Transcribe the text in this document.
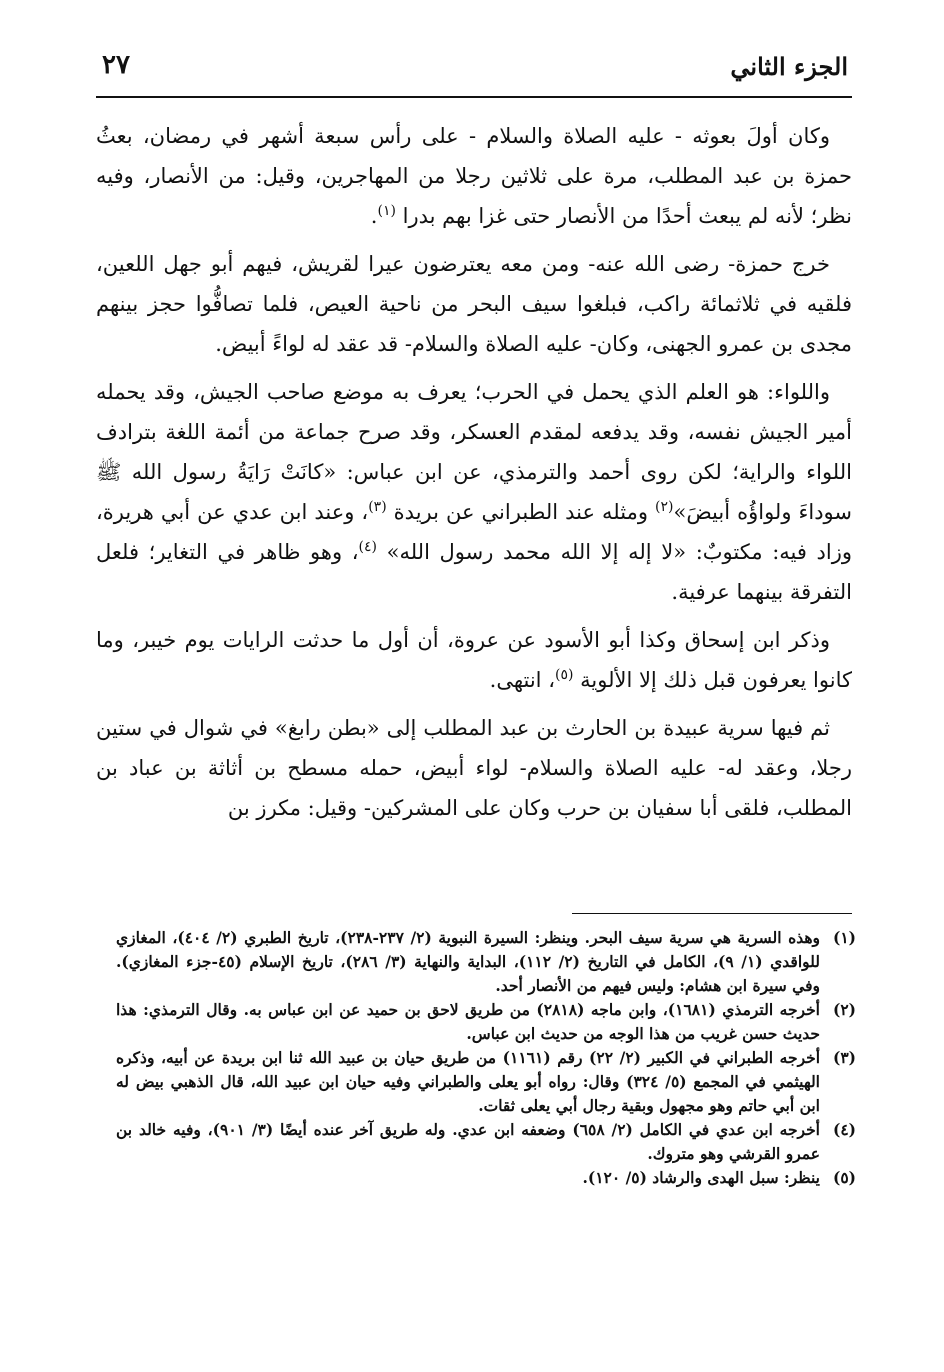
الجزء الثاني
٢٧

وكان أولَ بعوثه - عليه الصلاة والسلام - على رأس سبعة أشهر في رمضان، بعثُ حمزة بن عبد المطلب، مرة على ثلاثين رجلا من المهاجرين، وقيل: من الأنصار، وفيه نظر؛ لأنه لم يبعث أحدًا من الأنصار حتى غزا بهم بدرا $^{(١)}$.

خرج حمزة- رضى الله عنه- ومن معه يعترضون عيرا لقريش، فيهم أبو جهل اللعين، فلقيه في ثلاثمائة راكب، فبلغوا سيف البحر من ناحية العيص، فلما تصافُّوا حجز بينهم مجدى بن عمرو الجهنى، وكان- عليه الصلاة والسلام- قد عقد له لواءً أبيض.

واللواء: هو العلم الذي يحمل في الحرب؛ يعرف به موضع صاحب الجيش، وقد يحمله أمير الجيش نفسه، وقد يدفعه لمقدم العسكر، وقد صرح جماعة من أئمة اللغة بترادف اللواء والراية؛ لكن روى أحمد والترمذي، عن ابن عباس: «كانَتْ رَايَةُ رسول الله ﷺ سوداءَ ولواؤُه أبيضَ»$^{(٢)}$ ومثله عند الطبراني عن بريدة $^{(٣)}$، وعند ابن عدي عن أبي هريرة، وزاد فيه: مكتوبٌ: «لا إله إلا الله محمد رسول الله» $^{(٤)}$، وهو ظاهر في التغاير؛ فلعل التفرقة بينهما عرفية.

وذكر ابن إسحاق وكذا أبو الأسود عن عروة، أن أول ما حدثت الرايات يوم خيبر، وما كانوا يعرفون قبل ذلك إلا الألوية $^{(٥)}$، انتهى.

ثم فيها سرية عبيدة بن الحارث بن عبد المطلب إلى «بطن رابغ» في شوال في ستين رجلا، وعقد له- عليه الصلاة والسلام- لواء أبيض، حمله مسطح بن أثاثة بن عباد بن المطلب، فلقى أبا سفيان بن حرب وكان على المشركين- وقيل: مكرز بن

(١)
وهذه السرية هي سرية سيف البحر. وينظر: السيرة النبوية (٢/ ٢٣٧-٢٣٨)، تاريخ الطبري (٢/ ٤٠٤)، المغازي للواقدي (١/ ٩)، الكامل في التاريخ (٢/ ١١٢)، البداية والنهاية (٣/ ٢٨٦)، تاريخ الإسلام (٤٥-جزء المغازي). وفي سيرة ابن هشام: وليس فيهم من الأنصار أحد.
(٢)
أخرجه الترمذي (١٦٨١)، وابن ماجه (٢٨١٨) من طريق لاحق بن حميد عن ابن عباس به. وقال الترمذي: هذا حديث حسن غريب من هذا الوجه من حديث ابن عباس.
(٣)
أخرجه الطبراني في الكبير (٢/ ٢٢) رقم (١١٦١) من طريق حيان بن عبيد الله ثنا ابن بريدة عن أبيه، وذكره الهيثمي في المجمع (٥/ ٣٢٤) وقال: رواه أبو يعلى والطبراني وفيه حيان ابن عبيد الله، قال الذهبي بيض له ابن أبي حاتم وهو مجهول وبقية رجال أبي يعلى ثقات.
(٤)
أخرجه ابن عدي في الكامل (٢/ ٦٥٨) وضعفه ابن عدي. وله طريق آخر عنده أيضًا (٣/ ٩٠١)، وفيه خالد بن عمرو القرشي وهو متروك.
(٥)
ينظر: سبل الهدى والرشاد (٥/ ١٢٠).
